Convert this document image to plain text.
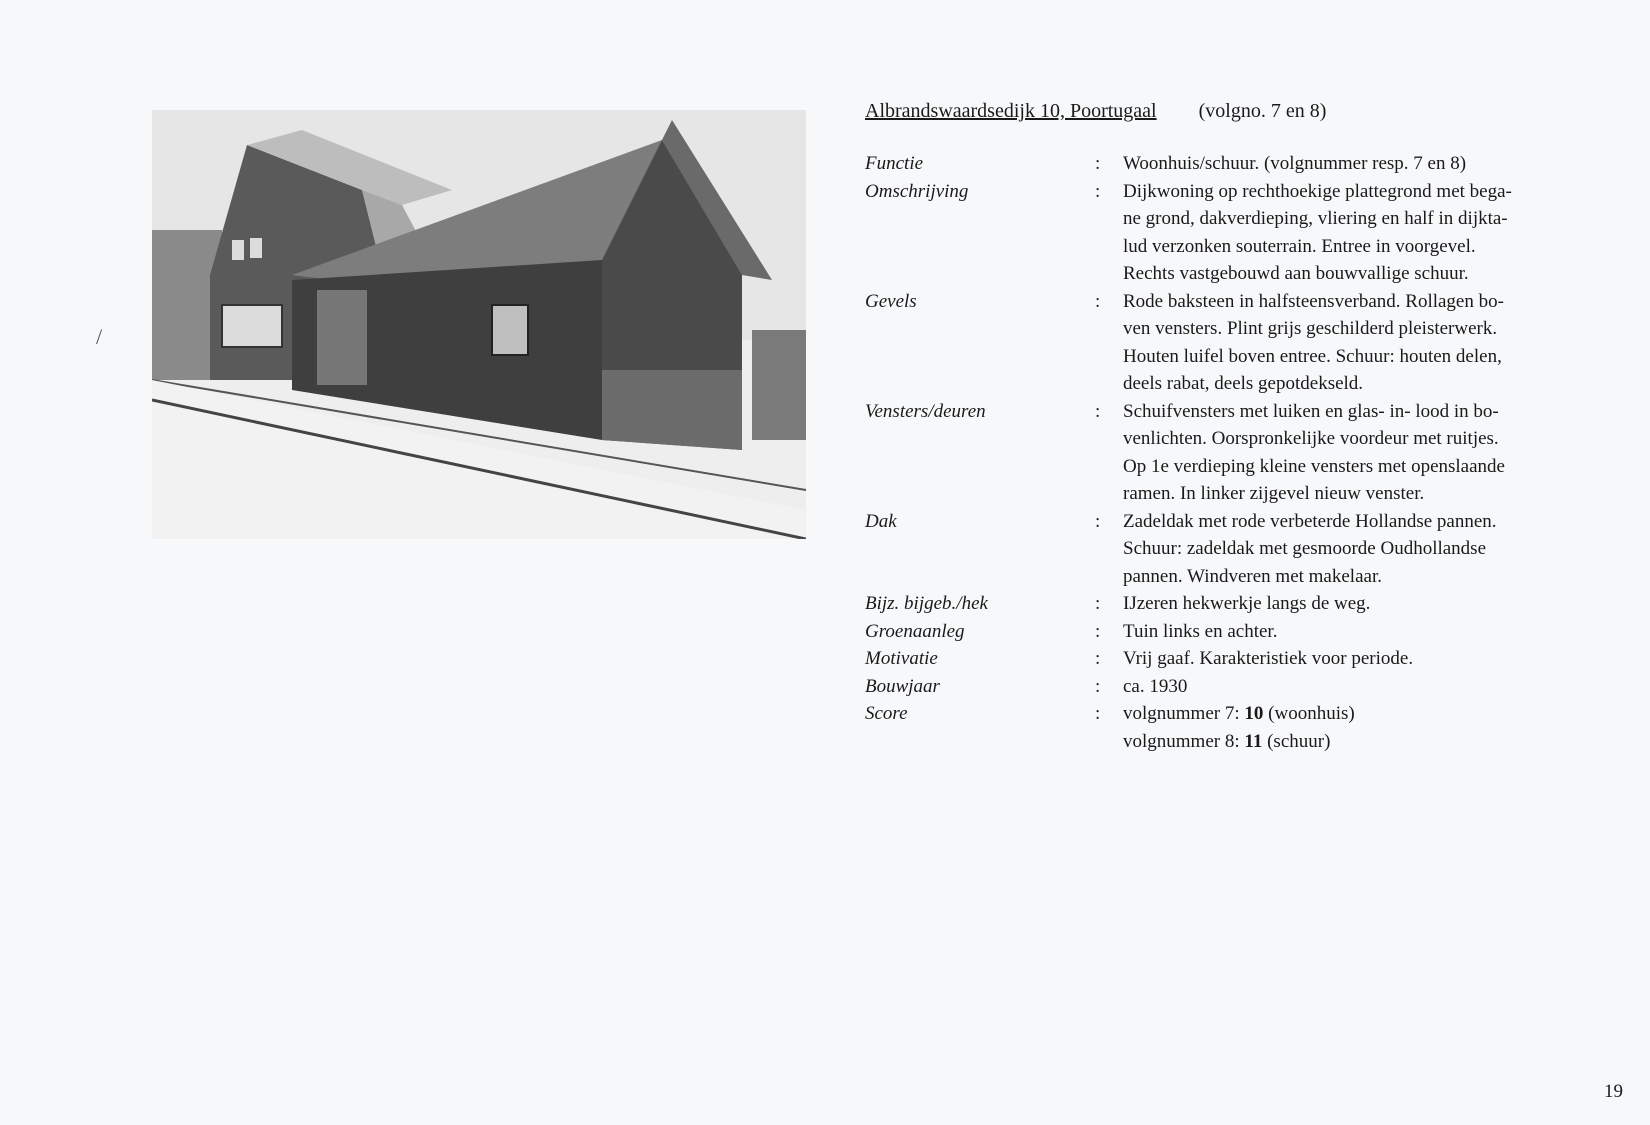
/
Albrandswaardsedijk 10, Poortugaal (volgno. 7 en 8)
Functie	:	Woonhuis/schuur. (volgnummer resp. 7 en 8)
Omschrijving	:	Dijkwoning op rechthoekige plattegrond met bega-
ne grond, dakverdieping, vliering en half in dijkta-
lud verzonken souterrain. Entree in voorgevel.
Rechts vastgebouwd aan bouwvallige schuur.
Gevels	:	Rode baksteen in halfsteensverband. Rollagen bo-
ven vensters. Plint grijs geschilderd pleisterwerk.
Houten luifel boven entree. Schuur: houten delen,
deels rabat, deels gepotdekseld.
Vensters/deuren	:	Schuifvensters met luiken en glas- in- lood in bo-
venlichten. Oorspronkelijke voordeur met ruitjes.
Op 1e verdieping kleine vensters met openslaande
ramen. In linker zijgevel nieuw venster.
Dak	:	Zadeldak met rode verbeterde Hollandse pannen.
Schuur: zadeldak met gesmoorde Oudhollandse
pannen. Windveren met makelaar.
Bijz. bijgeb./hek	:	IJzeren hekwerkje langs de weg.
Groenaanleg	:	Tuin links en achter.
Motivatie	:	Vrij gaaf. Karakteristiek voor periode.
Bouwjaar	:	ca. 1930
Score	:	volgnummer 7: 10 (woonhuis)
volgnummer 8: 11 (schuur)
19
